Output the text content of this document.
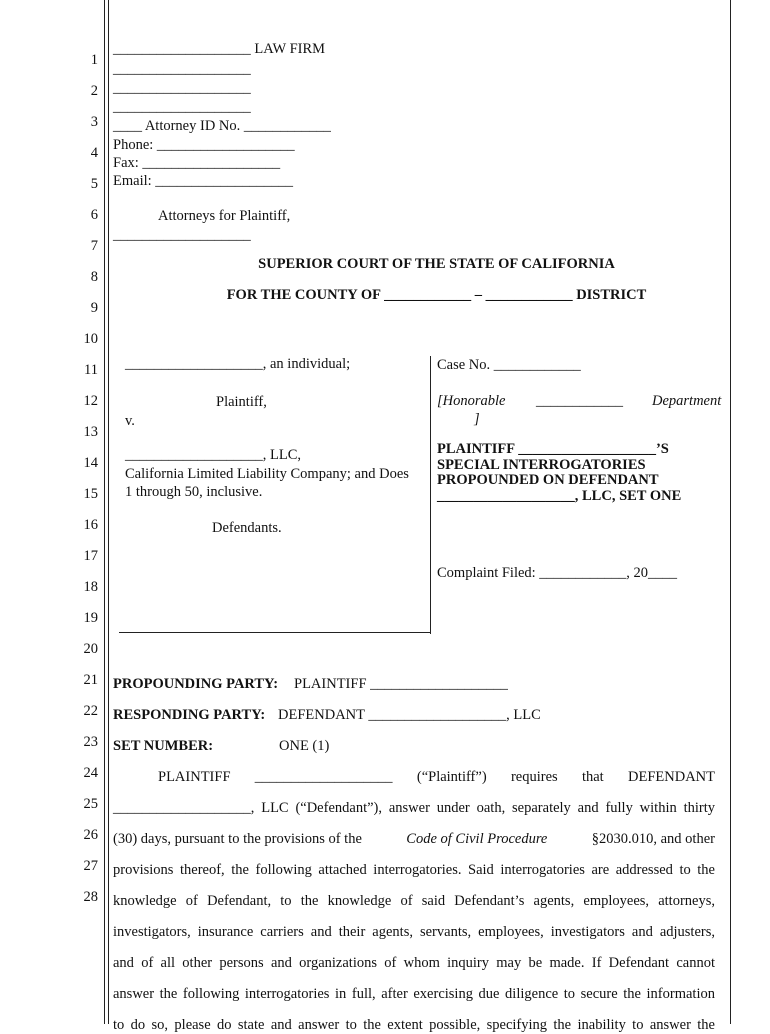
1
2
3
4
5
6
7
8
9
10
11
12
13
14
15
16
17
18
19
20
21
22
23
24
25
26
27
28
___________________ LAW FIRM
___________________
___________________
___________________
____ Attorney ID No. ____________
Phone: ___________________
Fax: ___________________
Email: ___________________
Attorneys for Plaintiff,
___________________
SUPERIOR COURT OF THE STATE OF CALIFORNIA
FOR THE COUNTY OF ____________ – ____________ DISTRICT
___________________, an individual;
Plaintiff,
v.
___________________, LLC,
California Limited Liability Company; and Does
1 through 50, inclusive.
Defendants.
Case No. ____________
[Honorable ____________ Department
]
PLAINTIFF ___________________’S
SPECIAL INTERROGATORIES
PROPOUNDED ON DEFENDANT
___________________, LLC, SET ONE
Complaint Filed: ____________, 20____
PROPOUNDING PARTY: PLAINTIFF ___________________
RESPONDING PARTY: DEFENDANT ___________________, LLC
SET NUMBER:	ONE (1)
PLAINTIFF ___________________ (“Plaintiff”) requires that DEFENDANT
___________________, LLC (“Defendant”), answer under oath, separately and fully within thirty
(30) days, pursuant to the provisions of the	Code of Civil Procedure	§2030.010, and other
provisions thereof, the following attached interrogatories. Said interrogatories are addressed to the
knowledge of Defendant, to the knowledge of said Defendant’s agents, employees, attorneys,
investigators, insurance carriers and their agents, servants, employees, investigators and adjusters,
and of all other persons and organizations of whom inquiry may be made. If Defendant cannot
answer the following interrogatories in full, after exercising due diligence to secure the information
to do so, please do state and answer to the extent possible, specifying the inability to answer the
